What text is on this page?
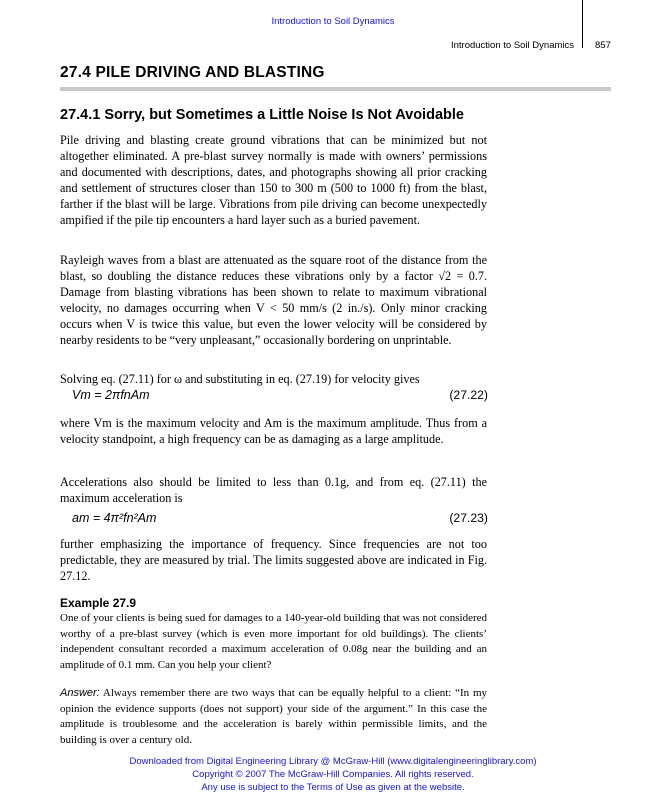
Introduction to Soil Dynamics
Introduction to Soil Dynamics 857
27.4 PILE DRIVING AND BLASTING
27.4.1 Sorry, but Sometimes a Little Noise Is Not Avoidable
Pile driving and blasting create ground vibrations that can be minimized but not altogether eliminated. A pre-blast survey normally is made with owners’ permissions and documented with descriptions, dates, and photographs showing all prior cracking and settlement of structures closer than 150 to 300 m (500 to 1000 ft) from the blast, farther if the blast will be large. Vibrations from pile driving can become unexpectedly ampified if the pile tip encounters a hard layer such as a buried pavement.
Rayleigh waves from a blast are attenuated as the square root of the distance from the blast, so doubling the distance reduces these vibrations only by a factor √2 = 0.7. Damage from blasting vibrations has been shown to relate to maximum vibrational velocity, no damages occurring when V < 50 mm/s (2 in./s). Only minor cracking occurs when V is twice this value, but even the lower velocity will be considered by nearby residents to be “very unpleasant,” occasionally bordering on unprintable.
Solving eq. (27.11) for ω and substituting in eq. (27.19) for velocity gives
Vm = 2πfnAm	(27.22)
where Vm is the maximum velocity and Am is the maximum amplitude. Thus from a velocity standpoint, a high frequency can be as damaging as a large amplitude.
Accelerations also should be limited to less than 0.1g, and from eq. (27.11) the maximum acceleration is
am = 4π²fn²Am	(27.23)
further emphasizing the importance of frequency. Since frequencies are not too predictable, they are measured by trial. The limits suggested above are indicated in Fig. 27.12.
Example 27.9
One of your clients is being sued for damages to a 140-year-old building that was not considered worthy of a pre-blast survey (which is even more important for old buildings). The clients’ independent consultant recorded a maximum acceleration of 0.08g near the building and an amplitude of 0.1 mm. Can you help your client?
Answer: Always remember there are two ways that can be equally helpful to a client: “In my opinion the evidence supports (does not support) your side of the argument.” In this case the amplitude is troublesome and the acceleration is barely within permissible limits, and the building is over a century old.
Downloaded from Digital Engineering Library @ McGraw-Hill (www.digitalengineeringlibrary.com)
Copyright © 2007 The McGraw-Hill Companies. All rights reserved.
Any use is subject to the Terms of Use as given at the website.
